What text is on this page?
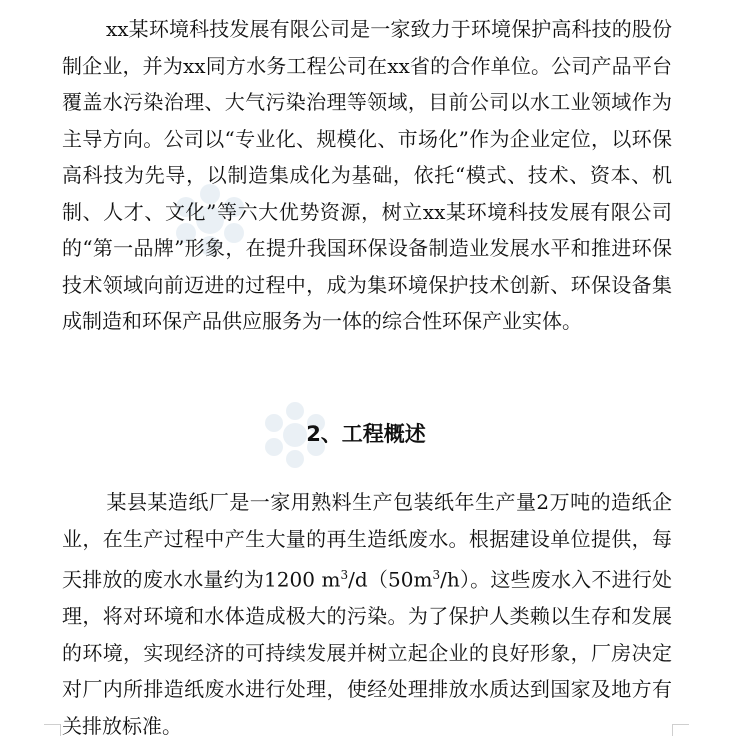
xx某环境科技发展有限公司是一家致力于环境保护高科技的股份制企业，并为xx同方水务工程公司在xx省的合作单位。公司产品平台覆盖水污染治理、大气污染治理等领域，目前公司以水工业领域作为主导方向。公司以“专业化、规模化、市场化”作为企业定位，以环保高科技为先导，以制造集成化为基础，依托“模式、技术、资本、机制、人才、文化”等六大优势资源，树立xx某环境科技发展有限公司的“第一品牌”形象，在提升我国环保设备制造业发展水平和推进环保技术领域向前迈进的过程中，成为集环境保护技术创新、环保设备集成制造和环保产品供应服务为一体的综合性环保产业实体。

2、工程概述

某县某造纸厂是一家用熟料生产包装纸年生产量2万吨的造纸企业，在生产过程中产生大量的再生造纸废水。根据建设单位提供，每天排放的废水水量约为1200 $m^3/d(50m^3/h)$。这些废水入不进行处理，将对环境和水体造成极大的污染。为了保护人类赖以生存和发展的环境，实现经济的可持续发展并树立起企业的良好形象，厂房决定对厂内所排造纸废水进行处理，使经处理排放水质达到国家及地方有关排放标准。
